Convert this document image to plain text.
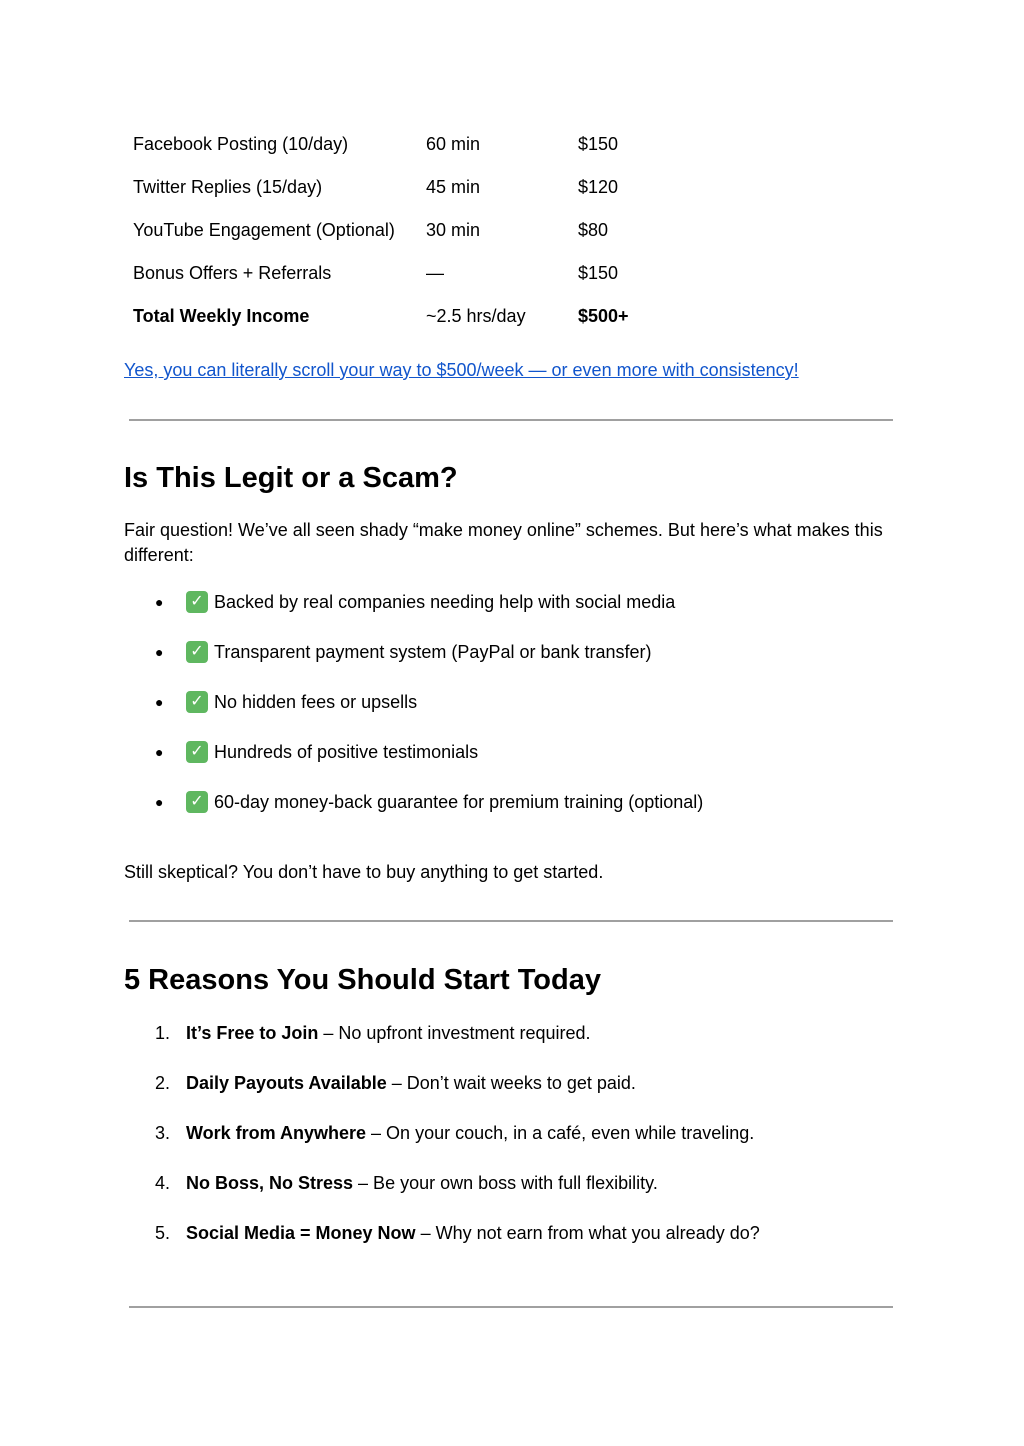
Facebook Posting (10/day)	60 min	$150
Twitter Replies (15/day)	45 min	$120
YouTube Engagement (Optional) 30 min	$80
Bonus Offers + Referrals	—	$150
Total Weekly Income	~2.5 hrs/day	$500+
Yes, you can literally scroll your way to $500/week — or even more with consistency!
Is This Legit or a Scam?

Fair question! We’ve all seen shady “make money online” schemes. But here’s what makes this different:

● ✓ Backed by real companies needing help with social media
● ✓ Transparent payment system (PayPal or bank transfer)
● ✓ No hidden fees or upsells
● ✓ Hundreds of positive testimonials
● ✓ 60-day money-back guarantee for premium training (optional)

Still skeptical? You don’t have to buy anything to get started.

5 Reasons You Should Start Today
1. It’s Free to Join – No upfront investment required.
2. Daily Payouts Available – Don’t wait weeks to get paid.
3. Work from Anywhere – On your couch, in a café, even while traveling.
4. No Boss, No Stress – Be your own boss with full flexibility.
5. Social Media = Money Now – Why not earn from what you already do?
